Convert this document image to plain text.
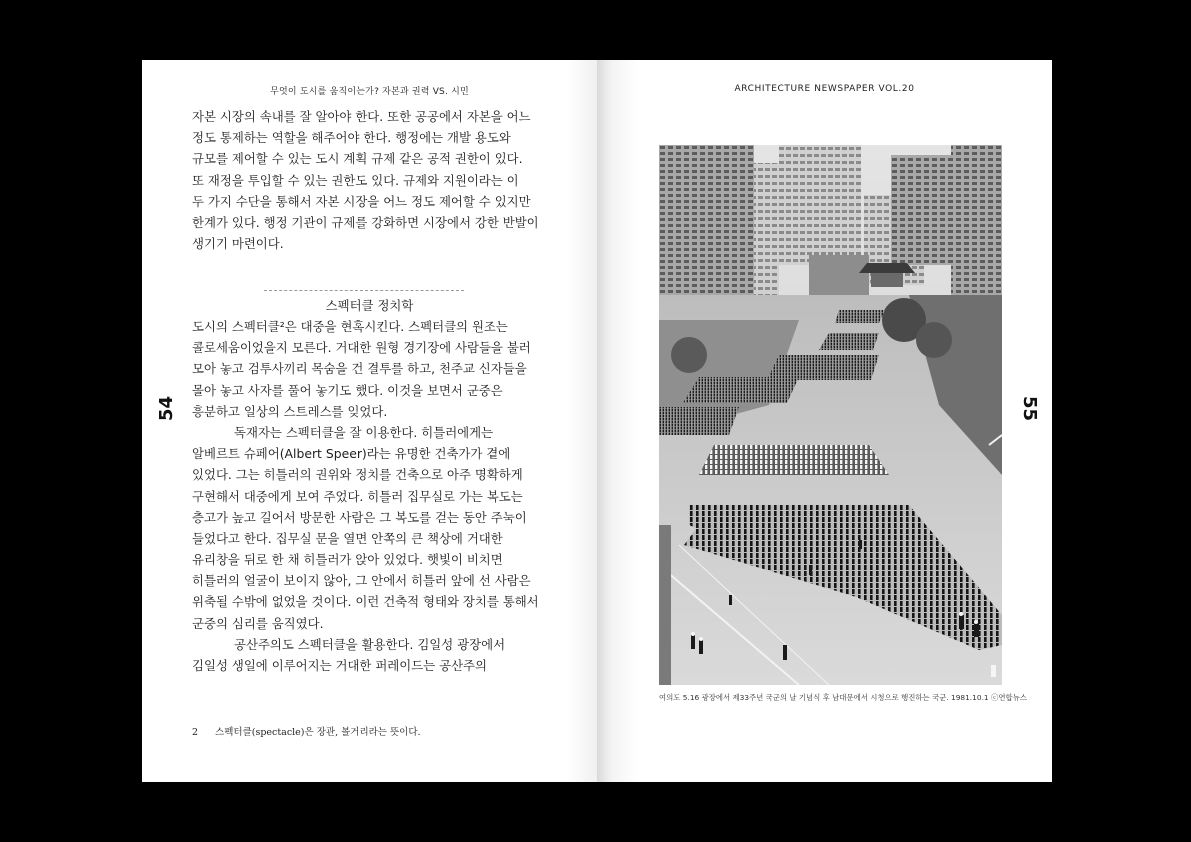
무엇이 도시를 움직이는가? 자본과 권력 VS. 시민
54
자본 시장의 속내를 잘 알아야 한다. 또한 공공에서 자본을 어느
정도 통제하는 역할을 해주어야 한다. 행정에는 개발 용도와
규모를 제어할 수 있는 도시 계획 규제 같은 공적 권한이 있다.
또 재정을 투입할 수 있는 권한도 있다. 규제와 지원이라는 이
두 가지 수단을 통해서 자본 시장을 어느 정도 제어할 수 있지만
한계가 있다. 행정 기관이 규제를 강화하면 시장에서 강한 반발이
생기기 마련이다.
스펙터클 정치학
도시의 스펙터클²은 대중을 현혹시킨다. 스펙터클의 원조는
콜로세움이었을지 모른다. 거대한 원형 경기장에 사람들을 불러
모아 놓고 검투사끼리 목숨을 건 결투를 하고, 천주교 신자들을
몰아 놓고 사자를 풀어 놓기도 했다. 이것을 보면서 군중은
흥분하고 일상의 스트레스를 잊었다.
독재자는 스펙터클을 잘 이용한다. 히틀러에게는
알베르트 슈페어(Albert Speer)라는 유명한 건축가가 곁에
있었다. 그는 히틀러의 권위와 정치를 건축으로 아주 명확하게
구현해서 대중에게 보여 주었다. 히틀러 집무실로 가는 복도는
층고가 높고 길어서 방문한 사람은 그 복도를 걷는 동안 주눅이
들었다고 한다. 집무실 문을 열면 안쪽의 큰 책상에 거대한
유리창을 뒤로 한 채 히틀러가 앉아 있었다. 햇빛이 비치면
히틀러의 얼굴이 보이지 않아, 그 안에서 히틀러 앞에 선 사람은
위축될 수밖에 없었을 것이다. 이런 건축적 형태와 장치를 통해서
군중의 심리를 움직였다.
공산주의도 스펙터클을 활용한다. 김일성 광장에서
김일성 생일에 이루어지는 거대한 퍼레이드는 공산주의
2 스펙터클(spectacle)은 장관, 볼거리라는 뜻이다.
ARCHITECTURE NEWSPAPER VOL.20
55
여의도 5.16 광장에서 제33주년 국군의 날 기념식 후 남대문에서 시청으로 행진하는 국군. 1981.10.1 ⓒ연합뉴스
